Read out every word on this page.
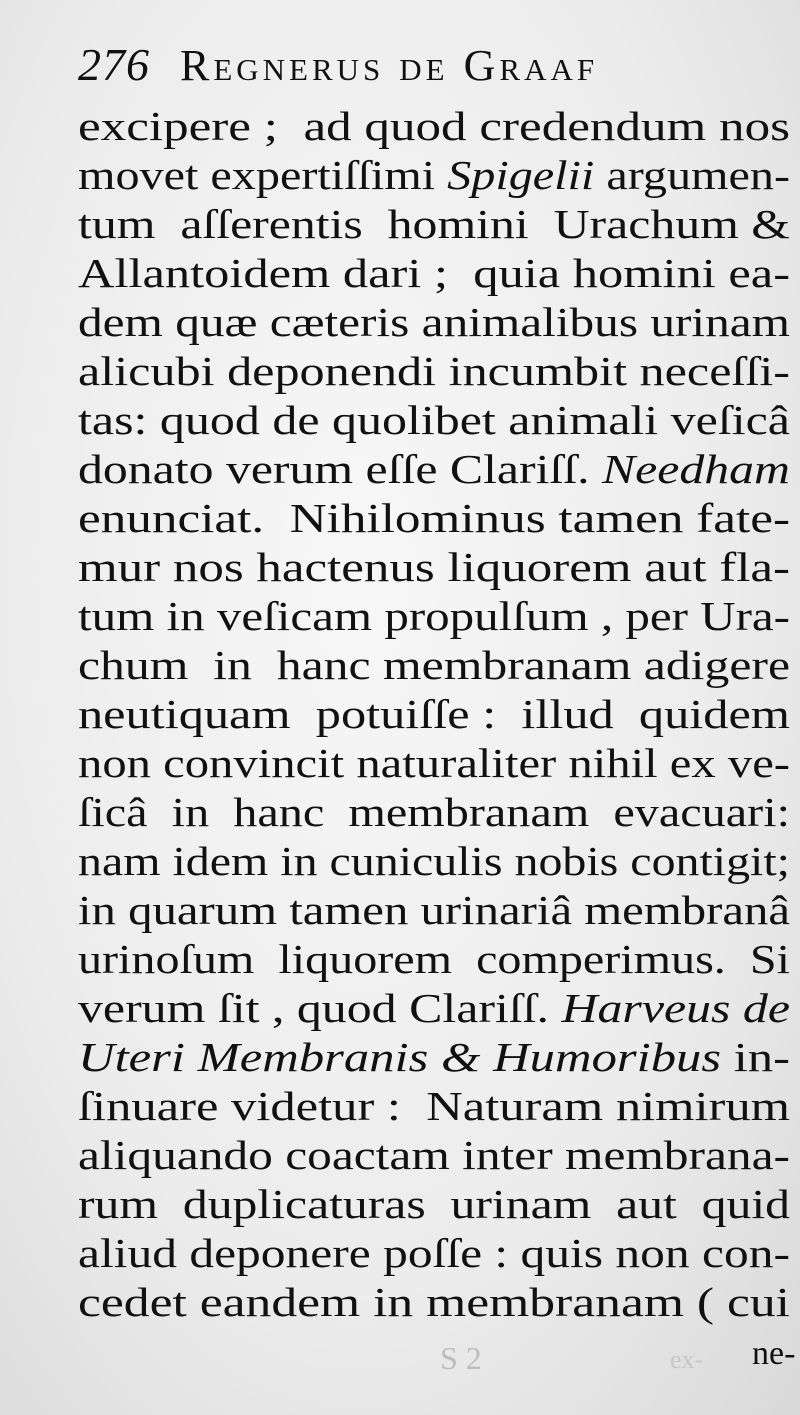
276 Regnerus de Graaf
excipere ;  ad quod credendum nos
movet expertiſſimi Spigelii argumen-
tum  aſſerentis  homini  Urachum &
Allantoidem dari ;  quia homini ea-
dem quæ cæteris animalibus urinam
alicubi deponendi incumbit neceſſi-
tas: quod de quolibet animali veſicâ
donato verum eſſe Clariſſ. Needham
enunciat.  Nihilominus tamen fate-
mur nos hactenus liquorem aut fla-
tum in veſicam propulſum , per Ura-
chum  in  hanc membranam adigere
neutiquam  potuiſſe :  illud  quidem
non convincit naturaliter nihil ex ve-
ſicâ  in  hanc  membranam  evacuari:
nam idem in cuniculis nobis contigit;
in quarum tamen urinariâ membranâ
urinoſum  liquorem  comperimus.  Si
verum ſit , quod Clariſſ. Harveus de
Uteri Membranis & Humoribus in-
ſinuare videtur :  Naturam nimirum
aliquando coactam inter membrana-
rum  duplicaturas  urinam  aut  quid
aliud deponere poſſe : quis non con-
cedet eandem in membranam ( cui
S 2	ex- ne-
